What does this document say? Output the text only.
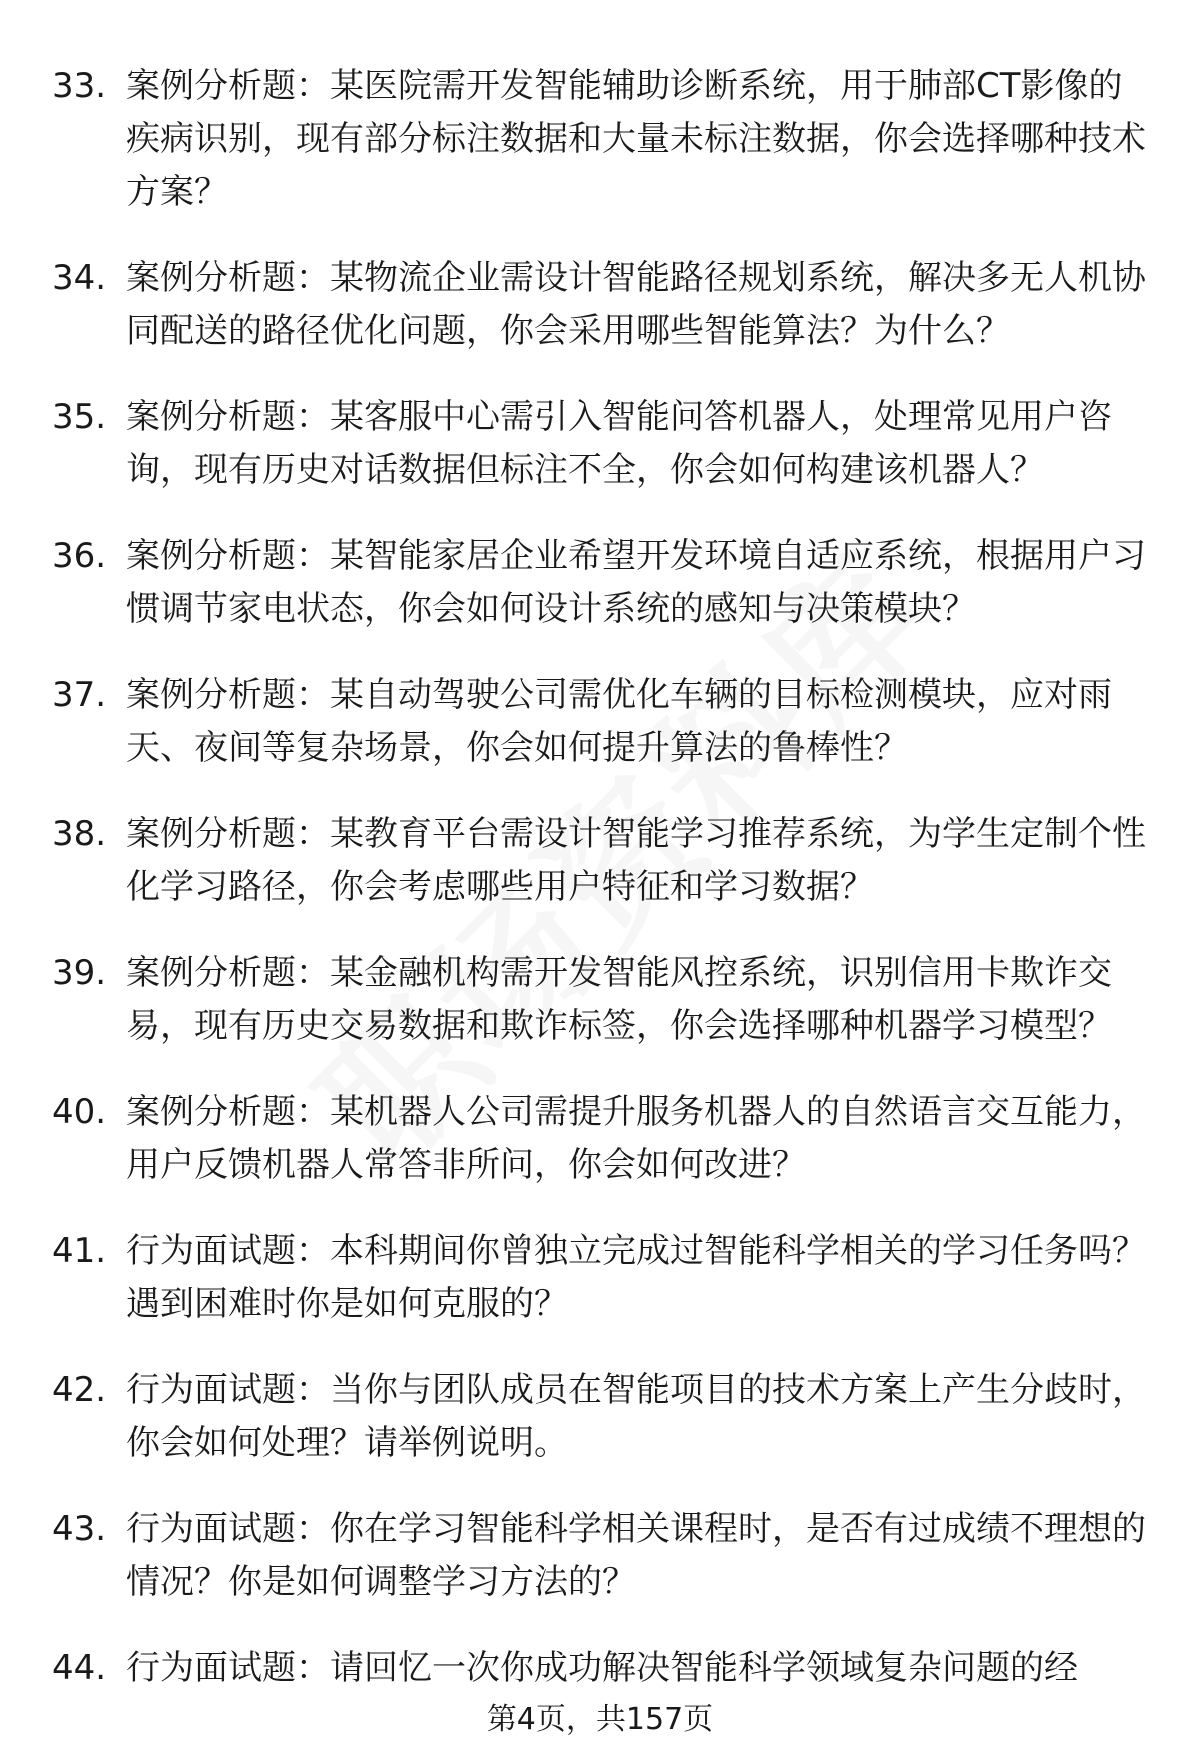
33. 案例分析题：某医院需开发智能辅助诊断系统，用于肺部CT影像的疾病识别，现有部分标注数据和大量未标注数据，你会选择哪种技术方案？
34. 案例分析题：某物流企业需设计智能路径规划系统，解决多无人机协同配送的路径优化问题，你会采用哪些智能算法？为什么？
35. 案例分析题：某客服中心需引入智能问答机器人，处理常见用户咨询，现有历史对话数据但标注不全，你会如何构建该机器人？
36. 案例分析题：某智能家居企业希望开发环境自适应系统，根据用户习惯调节家电状态，你会如何设计系统的感知与决策模块？
37. 案例分析题：某自动驾驶公司需优化车辆的目标检测模块，应对雨天、夜间等复杂场景，你会如何提升算法的鲁棒性？
38. 案例分析题：某教育平台需设计智能学习推荐系统，为学生定制个性化学习路径，你会考虑哪些用户特征和学习数据？
39. 案例分析题：某金融机构需开发智能风控系统，识别信用卡欺诈交易，现有历史交易数据和欺诈标签，你会选择哪种机器学习模型？
40. 案例分析题：某机器人公司需提升服务机器人的自然语言交互能力，用户反馈机器人常答非所问，你会如何改进？
41. 行为面试题：本科期间你曾独立完成过智能科学相关的学习任务吗？遇到困难时你是如何克服的？
42. 行为面试题：当你与团队成员在智能项目的技术方案上产生分歧时，你会如何处理？请举例说明。
43. 行为面试题：你在学习智能科学相关课程时，是否有过成绩不理想的情况？你是如何调整学习方法的？
44. 行为面试题：请回忆一次你成功解决智能科学领域复杂问题的经
第4页，共157页
